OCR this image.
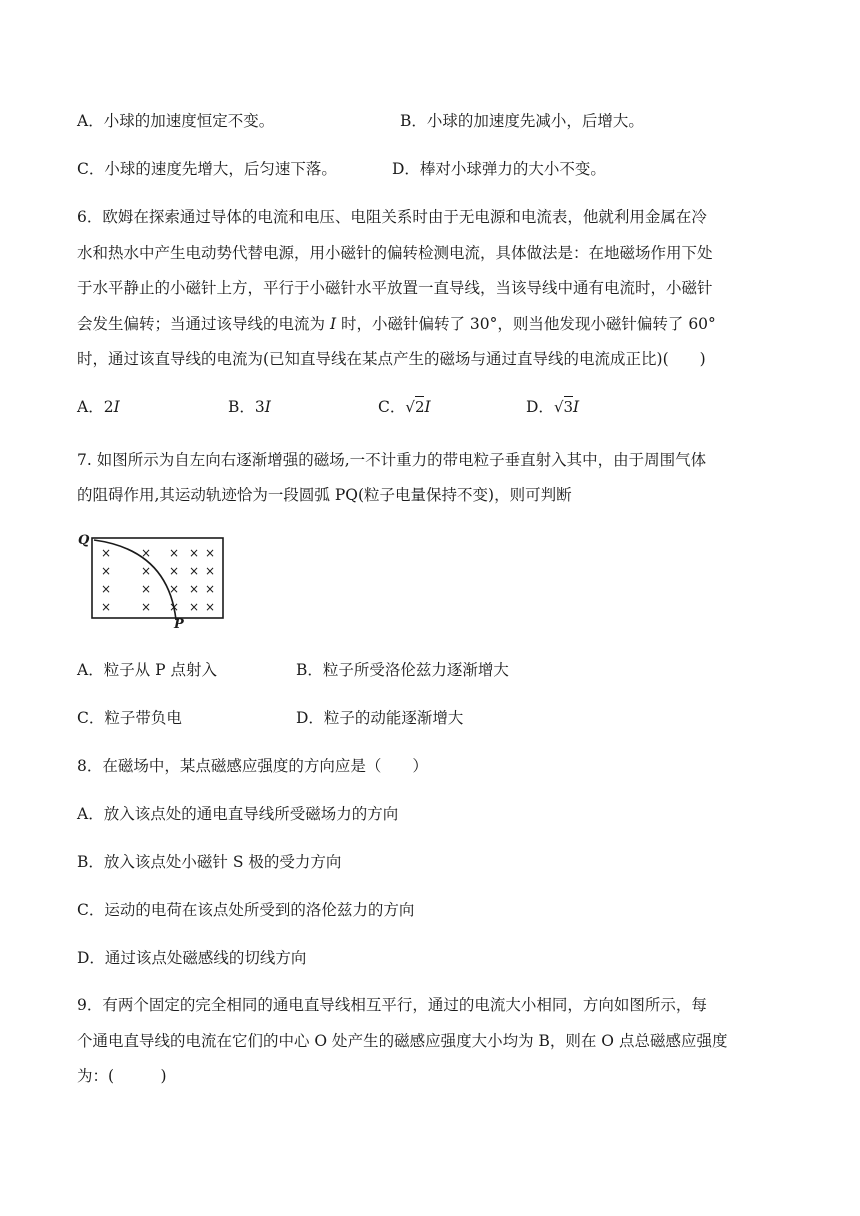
A．小球的加速度恒定不变。	B．小球的加速度先减小，后增大。
C．小球的速度先增大，后匀速下落。	D．棒对小球弹力的大小不变。
6．欧姆在探索通过导体的电流和电压、电阻关系时由于无电源和电流表，他就利用金属在冷
水和热水中产生电动势代替电源，用小磁针的偏转检测电流，具体做法是：在地磁场作用下处
于水平静止的小磁针上方，平行于小磁针水平放置一直导线，当该导线中通有电流时，小磁针
会发生偏转；当通过该导线的电流为 I 时，小磁针偏转了 30°，则当他发现小磁针偏转了 60°
时，通过该直导线的电流为(已知直导线在某点产生的磁场与通过直导线的电流成正比)(　　)
A．2I	B．3I	C．√2I	D．√3I
7. 如图所示为自左向右逐渐增强的磁场,一不计重力的带电粒子垂直射入其中，由于周围气体
的阻碍作用,其运动轨迹恰为一段圆弧 PQ(粒子电量保持不变)，则可判断
× × × × ×
× × × × ×
× × × × ×
× × × × ×
Q
P
A．粒子从 P 点射入	B．粒子所受洛伦兹力逐渐增大
C．粒子带负电	D．粒子的动能逐渐增大
8．在磁场中，某点磁感应强度的方向应是（　　）
A．放入该点处的通电直导线所受磁场力的方向
B．放入该点处小磁针 S 极的受力方向
C．运动的电荷在该点处所受到的洛伦兹力的方向
D．通过该点处磁感线的切线方向
9．有两个固定的完全相同的通电直导线相互平行，通过的电流大小相同，方向如图所示，每
个通电直导线的电流在它们的中心 O 处产生的磁感应强度大小均为 B，则在 O 点总磁感应强度
为：(　　　)
